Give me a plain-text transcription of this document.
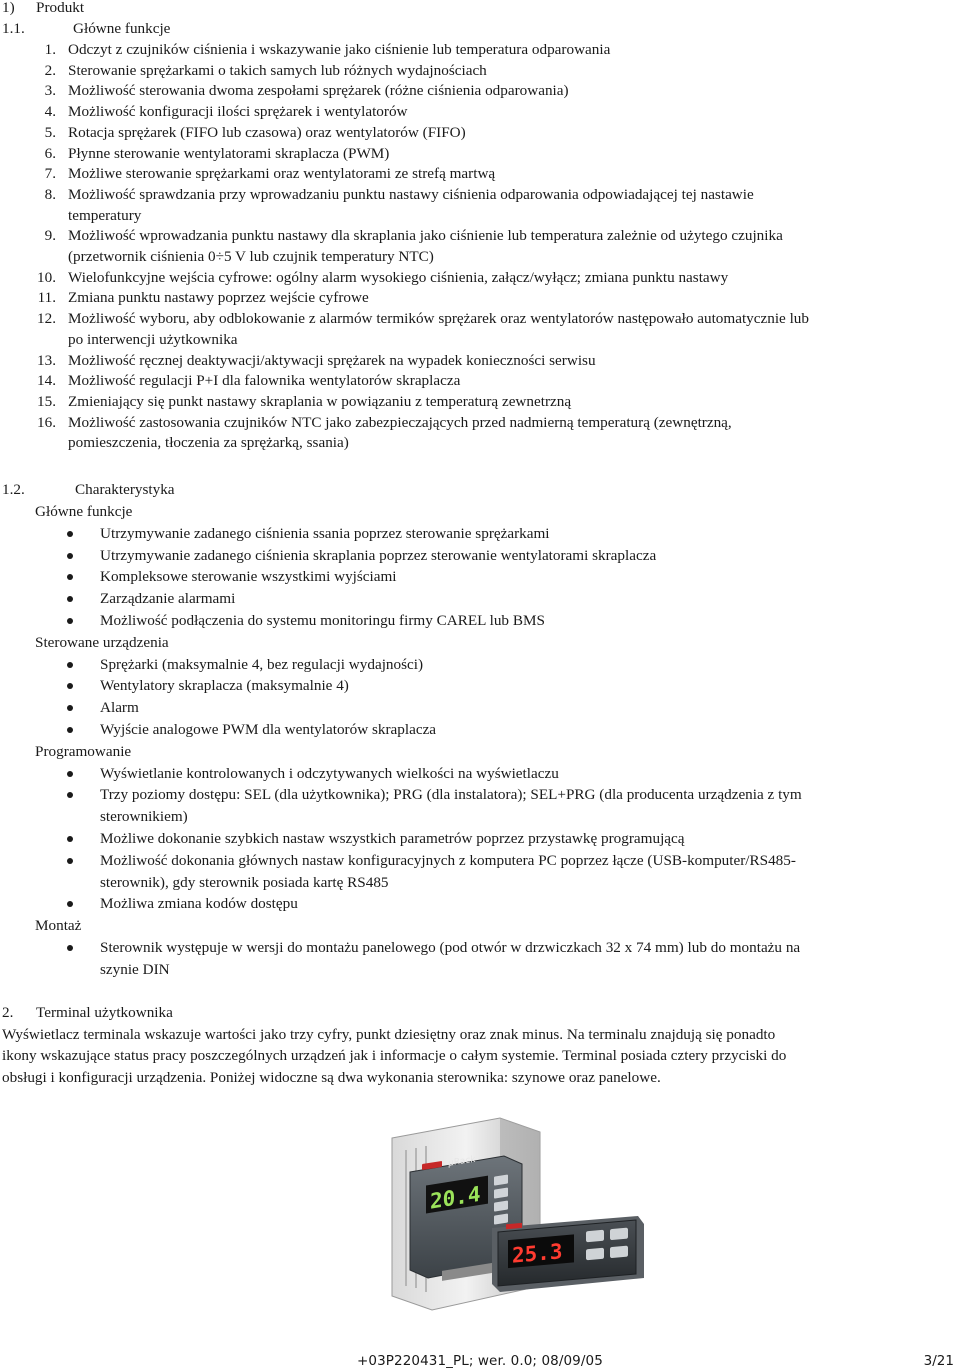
1) Produkt
1.1.	Główne funkcje
1. Odczyt z czujników ciśnienia i wskazywanie jako ciśnienie lub temperatura odparowania
2. Sterowanie sprężarkami o takich samych lub różnych wydajnościach
3. Możliwość sterowania dwoma zespołami sprężarek (różne ciśnienia odparowania)
4. Możliwość konfiguracji ilości sprężarek i wentylatorów
5. Rotacja sprężarek (FIFO lub czasowa) oraz wentylatorów (FIFO)
6. Płynne sterowanie wentylatorami skraplacza (PWM)
7. Możliwe sterowanie sprężarkami oraz wentylatorami ze strefą martwą
8. Możliwość sprawdzania przy wprowadzaniu punktu nastawy ciśnienia odparowania odpowiadającej tej nastawie
temperatury
9. Możliwość wprowadzania punktu nastawy dla skraplania jako ciśnienie lub temperatura zależnie od użytego czujnika
(przetwornik ciśnienia 0÷5 V lub czujnik temperatury NTC)
10. Wielofunkcyjne wejścia cyfrowe: ogólny alarm wysokiego ciśnienia, załącz/wyłącz; zmiana punktu nastawy
11. Zmiana punktu nastawy poprzez wejście cyfrowe
12. Możliwość wyboru, aby odblokowanie z alarmów termików sprężarek oraz wentylatorów następowało automatycznie lub
po interwencji użytkownika
13. Możliwość ręcznej deaktywacji/aktywacji sprężarek na wypadek konieczności serwisu
14. Możliwość regulacji P+I dla falownika wentylatorów skraplacza
15. Zmieniający się punkt nastawy skraplania w powiązaniu z temperaturą zewnetrzną
16. Możliwość zastosowania czujników NTC jako zabezpieczających przed nadmierną temperaturą (zewnętrzną,
pomieszczenia, tłoczenia za sprężarką, ssania)
1.2.	Charakterystyka
Główne funkcje
Utrzymywanie zadanego ciśnienia ssania poprzez sterowanie sprężarkami
Utrzymywanie zadanego ciśnienia skraplania poprzez sterowanie wentylatorami skraplacza
Kompleksowe sterowanie wszystkimi wyjściami
Zarządzanie alarmami
Możliwość podłączenia do systemu monitoringu firmy CAREL lub BMS
Sterowane urządzenia
Sprężarki (maksymalnie 4, bez regulacji wydajności)
Wentylatory skraplacza (maksymalnie 4)
Alarm
Wyjście analogowe PWM dla wentylatorów skraplacza
Programowanie
Wyświetlanie kontrolowanych i odczytywanych wielkości na wyświetlaczu
Trzy poziomy dostępu: SEL (dla użytkownika); PRG (dla instalatora); SEL+PRG (dla producenta urządzenia z tym
sterownikiem)
Możliwe dokonanie szybkich nastaw wszystkich parametrów poprzez przystawkę programującą
Możliwość dokonania głównych nastaw konfiguracyjnych z komputera PC poprzez łącze (USB-komputer/RS485-
sterownik), gdy sterownik posiada kartę RS485
Możliwa zmiana kodów dostępu
Montaż
Sterownik występuje w wersji do montażu panelowego (pod otwór w drzwiczkach 32 x 74 mm) lub do montażu na
szynie DIN
2. Terminal użytkownika
Wyświetlacz terminala wskazuje wartości jako trzy cyfry, punkt dziesiętny oraz znak minus. Na terminalu znajdują się ponadto
ikony wskazujące status pracy poszczególnych urządzeń jak i informacje o całym systemie. Terminal posiada cztery przyciski do
obsługi i konfiguracji urządzenia. Poniżej widoczne są dwa wykonania sterownika: szynowe oraz panelowe.
μRack
20.4
25.3
+03P220431_PL; wer. 0.0; 08/09/05	3/21
